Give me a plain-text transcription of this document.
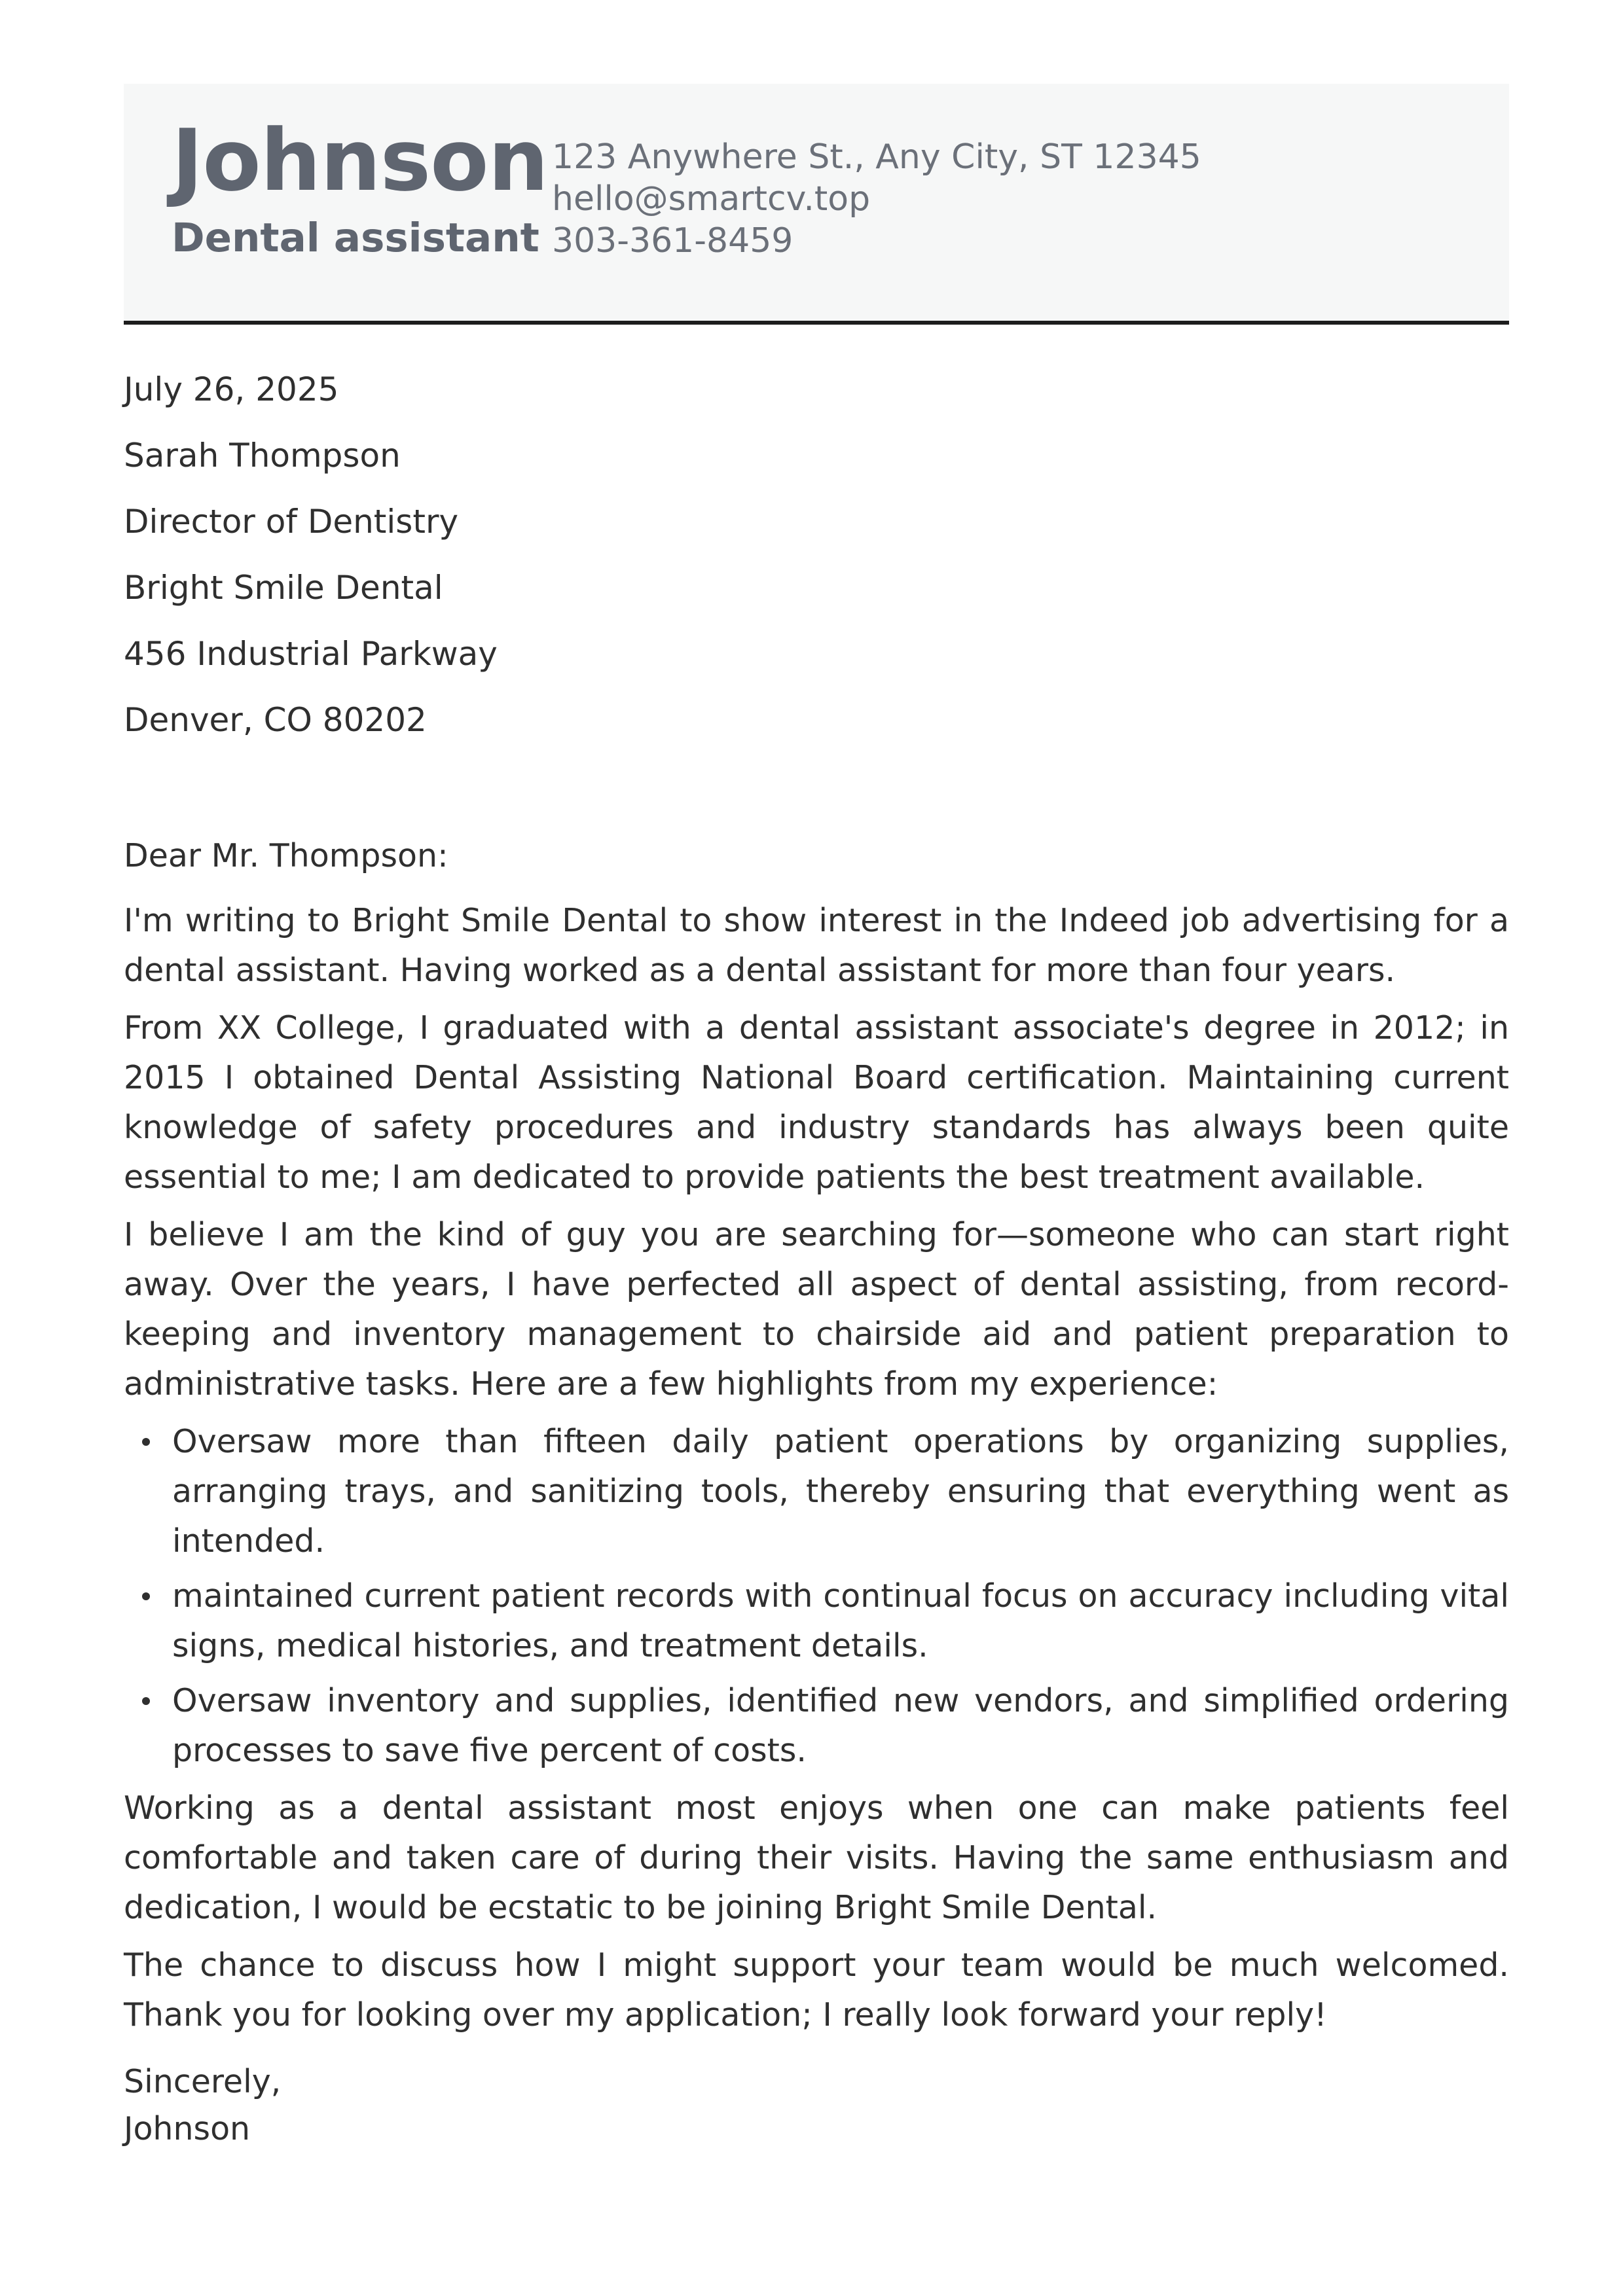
Johnson
Dental assistant
123 Anywhere St., Any City, ST 12345
hello@smartcv.top
303-361-8459
July 26, 2025
Sarah Thompson
Director of Dentistry
Bright Smile Dental
456 Industrial Parkway
Denver, CO 80202

Dear Mr. Thompson:

I'm writing to Bright Smile Dental to show interest in the Indeed job advertising for a dental assistant. Having worked as a dental assistant for more than four years.

From XX College, I graduated with a dental assistant associate's degree in 2012; in 2015 I obtained Dental Assisting National Board certification. Maintaining current knowledge of safety procedures and industry standards has always been quite essential to me; I am dedicated to provide patients the best treatment available.

I believe I am the kind of guy you are searching for—someone who can start right away. Over the years, I have perfected all aspect of dental assisting, from record-keeping and inventory management to chairside aid and patient preparation to administrative tasks. Here are a few highlights from my experience:

Oversaw more than fifteen daily patient operations by organizing supplies, arranging trays, and sanitizing tools, thereby ensuring that everything went as intended.
maintained current patient records with continual focus on accuracy including vital signs, medical histories, and treatment details.
Oversaw inventory and supplies, identified new vendors, and simplified ordering processes to save five percent of costs.

Working as a dental assistant most enjoys when one can make patients feel comfortable and taken care of during their visits. Having the same enthusiasm and dedication, I would be ecstatic to be joining Bright Smile Dental.

The chance to discuss how I might support your team would be much welcomed. Thank you for looking over my application; I really look forward your reply!

Sincerely,
Johnson
